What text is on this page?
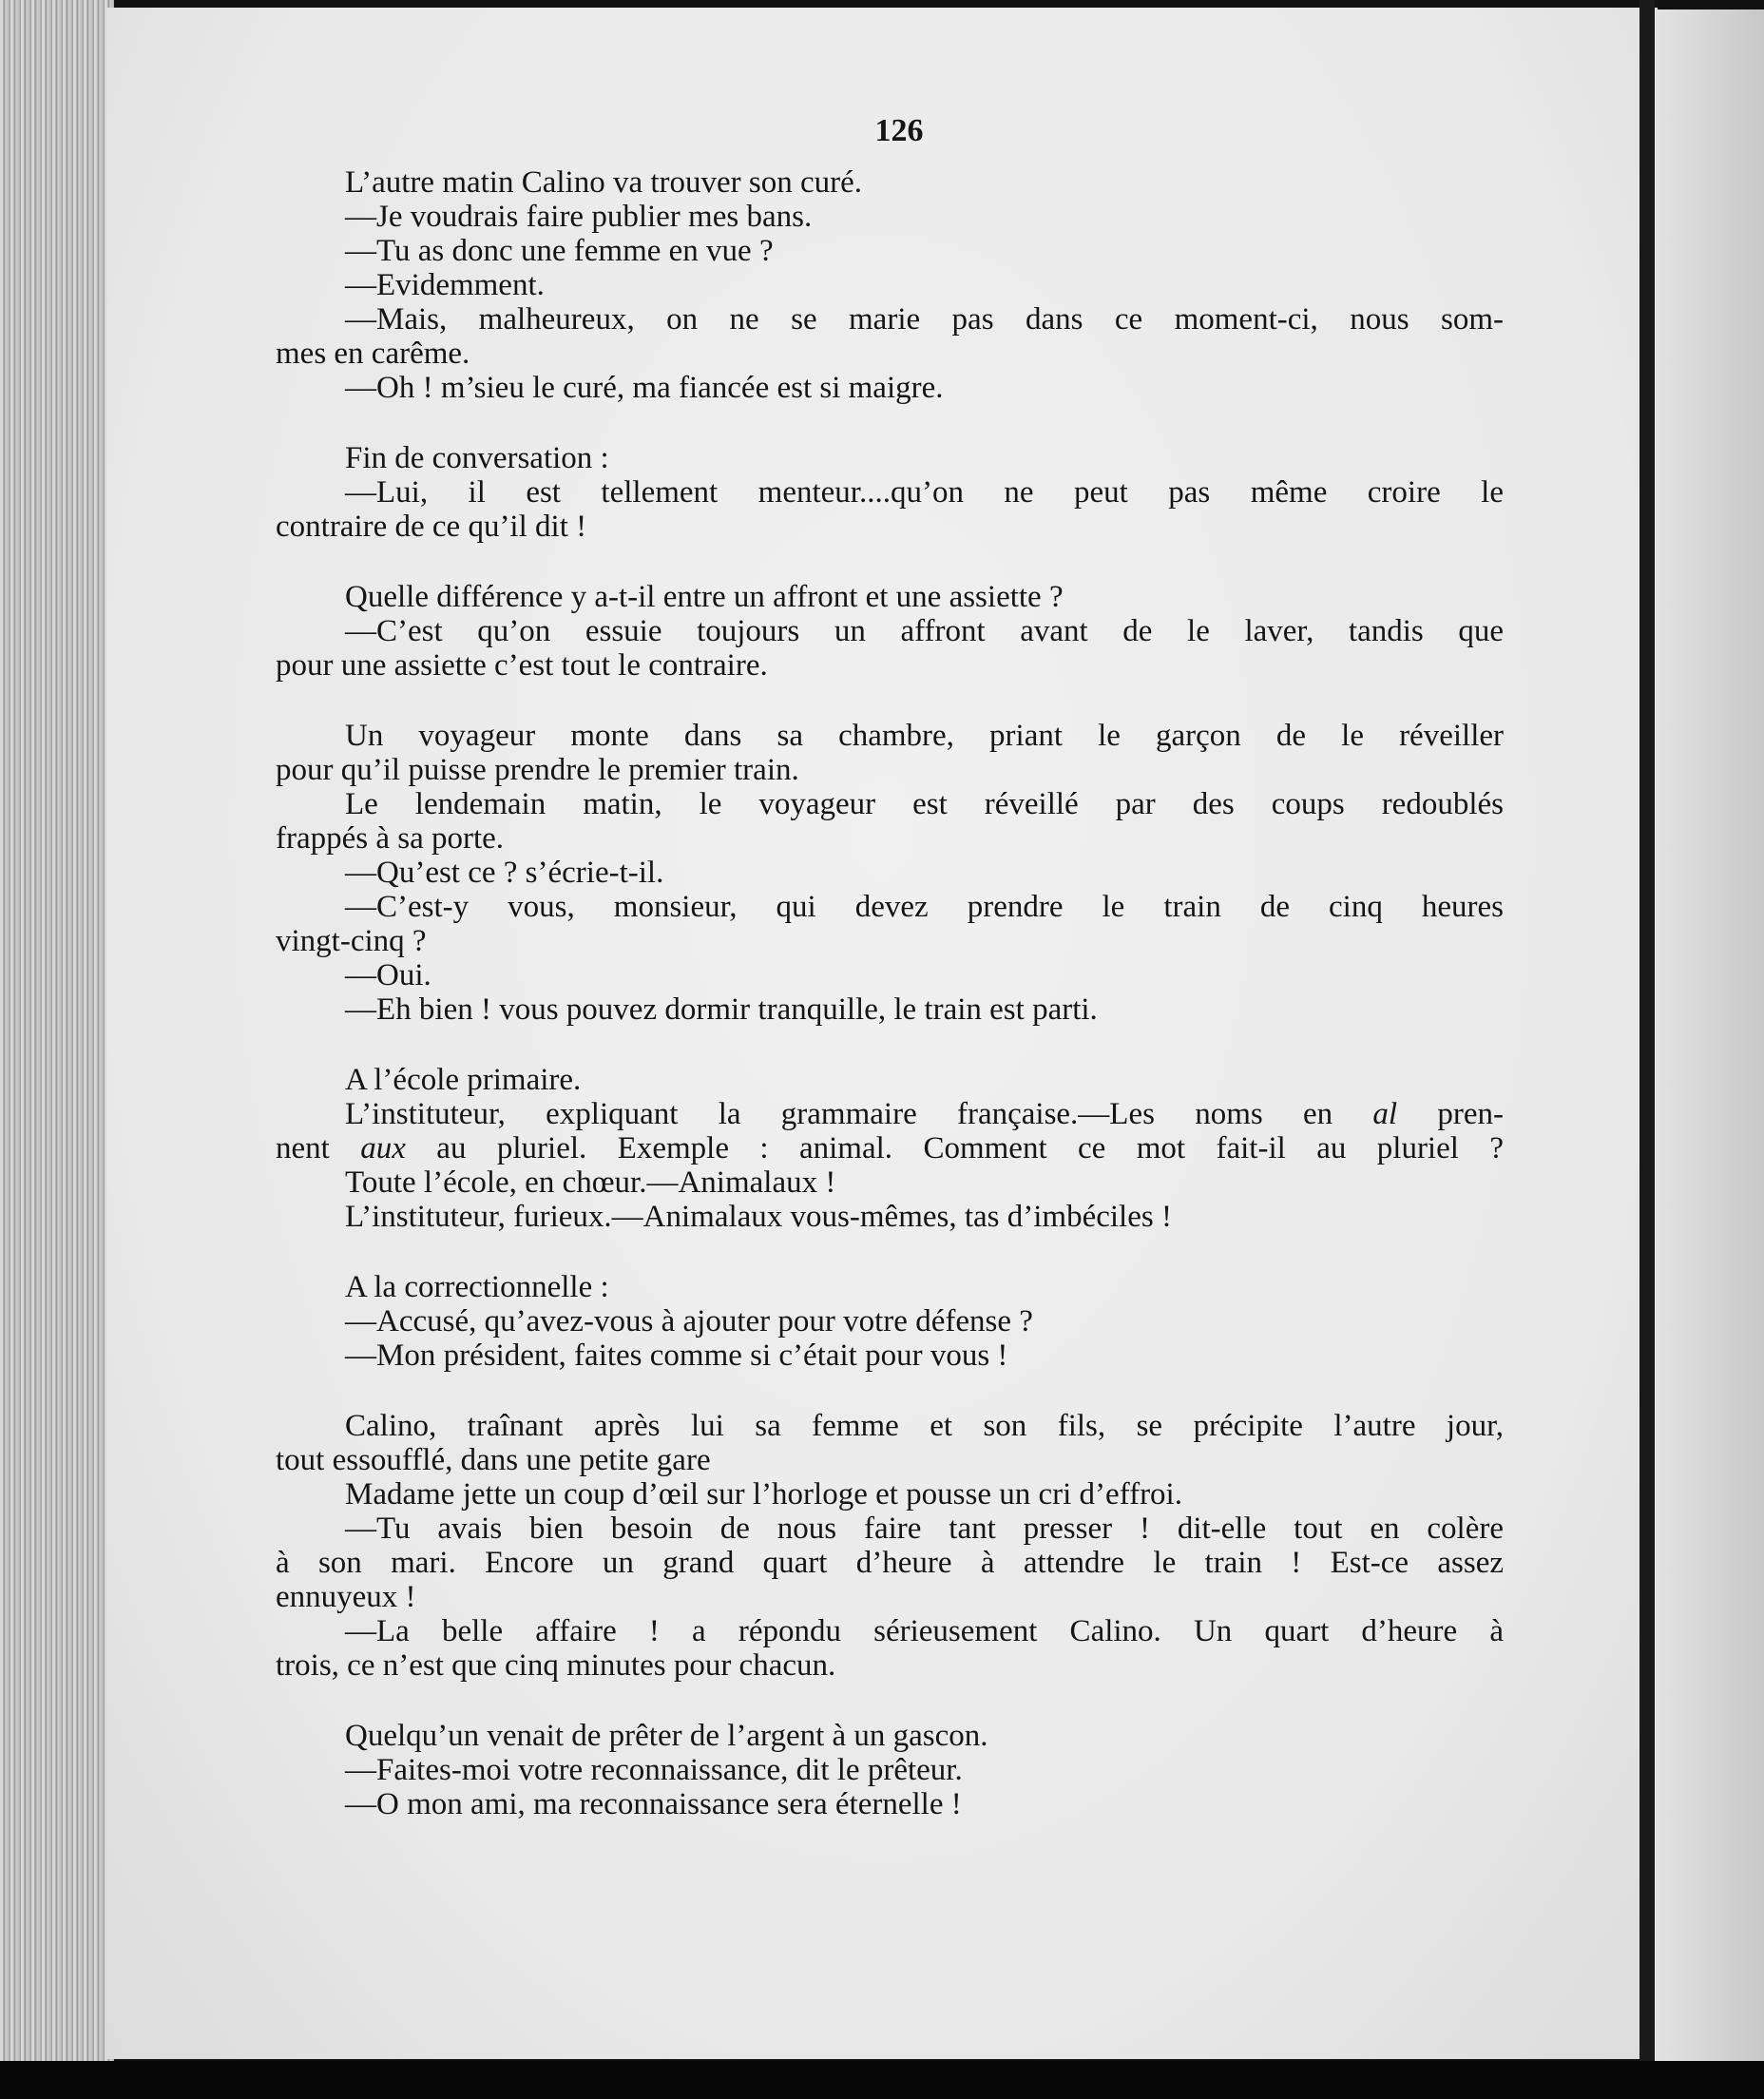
126
L’autre matin Calino va trouver son curé.
—Je voudrais faire publier mes bans.
—Tu as donc une femme en vue ?
—Evidemment.
—Mais, malheureux, on ne se marie pas dans ce moment-ci, nous som-
mes en carême.
—Oh ! m’sieu le curé, ma fiancée est si maigre.
Fin de conversation :
—Lui, il est tellement menteur....qu’on ne peut pas même croire le
contraire de ce qu’il dit !
Quelle différence y a-t-il entre un affront et une assiette ?
—C’est qu’on essuie toujours un affront avant de le laver, tandis que
pour une assiette c’est tout le contraire.
Un voyageur monte dans sa chambre, priant le garçon de le réveiller
pour qu’il puisse prendre le premier train.
Le lendemain matin, le voyageur est réveillé par des coups redoublés
frappés à sa porte.
—Qu’est ce ? s’écrie-t-il.
—C’est-y vous, monsieur, qui devez prendre le train de cinq heures
vingt-cinq ?
—Oui.
—Eh bien ! vous pouvez dormir tranquille, le train est parti.
A l’école primaire.
L’instituteur, expliquant la grammaire française.—Les noms en al pren-
nent aux au pluriel. Exemple : animal. Comment ce mot fait-il au pluriel ?
Toute l’école, en chœur.—Animalaux !
L’instituteur, furieux.—Animalaux vous-mêmes, tas d’imbéciles !
A la correctionnelle :
—Accusé, qu’avez-vous à ajouter pour votre défense ?
—Mon président, faites comme si c’était pour vous !
Calino, traînant après lui sa femme et son fils, se précipite l’autre jour,
tout essoufflé, dans une petite gare
Madame jette un coup d’œil sur l’horloge et pousse un cri d’effroi.
—Tu avais bien besoin de nous faire tant presser ! dit-elle tout en colère
à son mari. Encore un grand quart d’heure à attendre le train ! Est-ce assez
ennuyeux !
—La belle affaire ! a répondu sérieusement Calino. Un quart d’heure à
trois, ce n’est que cinq minutes pour chacun.
Quelqu’un venait de prêter de l’argent à un gascon.
—Faites-moi votre reconnaissance, dit le prêteur.
—O mon ami, ma reconnaissance sera éternelle !
